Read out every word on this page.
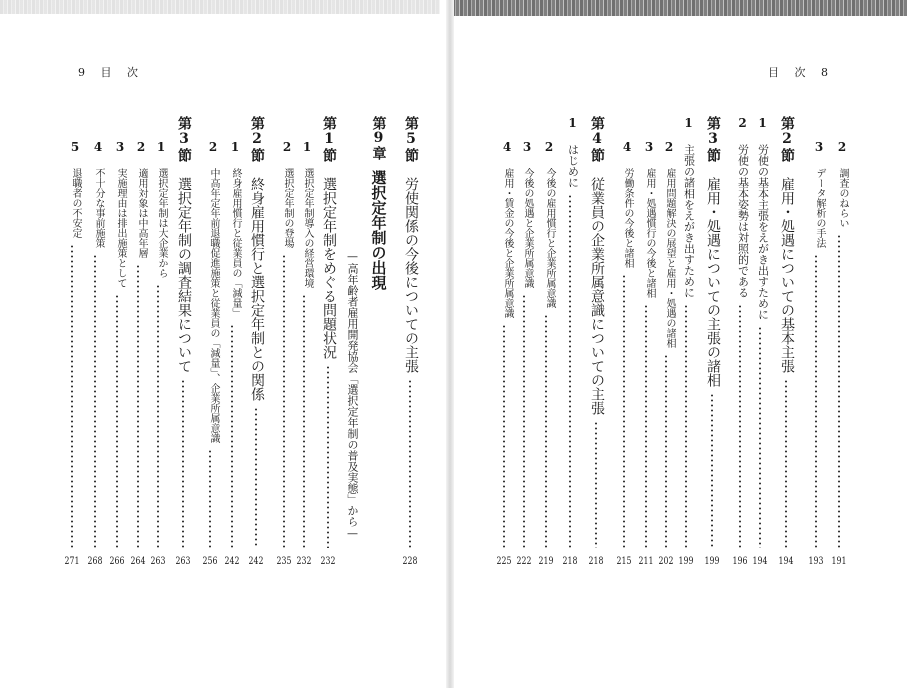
9 目 次	目 次 8
2調査のねらい
191
3データ解析の手法
193
第2節雇用・処遇についての基本主張
194
1労使の基本主張をえがき出すために
194
2労使の基本姿勢は対照的である
196
第3節雇用・処遇についての主張の諸相
199
1主張の諸相をえがき出すために
199
2雇用問題解決の展望と雇用・処遇の諸相
202
3雇用・処遇慣行の今後と諸相
211
4労働条件の今後と諸相
215
第4節従業員の企業所属意識についての主張
218
1はじめに
218
2今後の雇用慣行と企業所属意識
219
3今後の処遇と企業所属意識
222
4雇用・賃金の今後と企業所属意識
225
第5節労使関係の今後についての主張
228
第9章選択定年制の出現
—高年齢者雇用開発協会「選択定年制の普及実態」から—
第1節選択定年制をめぐる問題状況
232
1選択定年制導入の経営環境
232
2選択定年制の登場
235
第2節終身雇用慣行と選択定年制との関係
242
1終身雇用慣行と従業員の「減量」
242
2中高年定年前退職促進施策と従業員の「減量」、企業所属意識
256
第3節選択定年制の調査結果について
263
1選択定年制は大企業から
263
2適用対象は中高年層
264
3実施理由は排出施策として
266
4不十分な事前施策
268
5退職者の不安定
271
